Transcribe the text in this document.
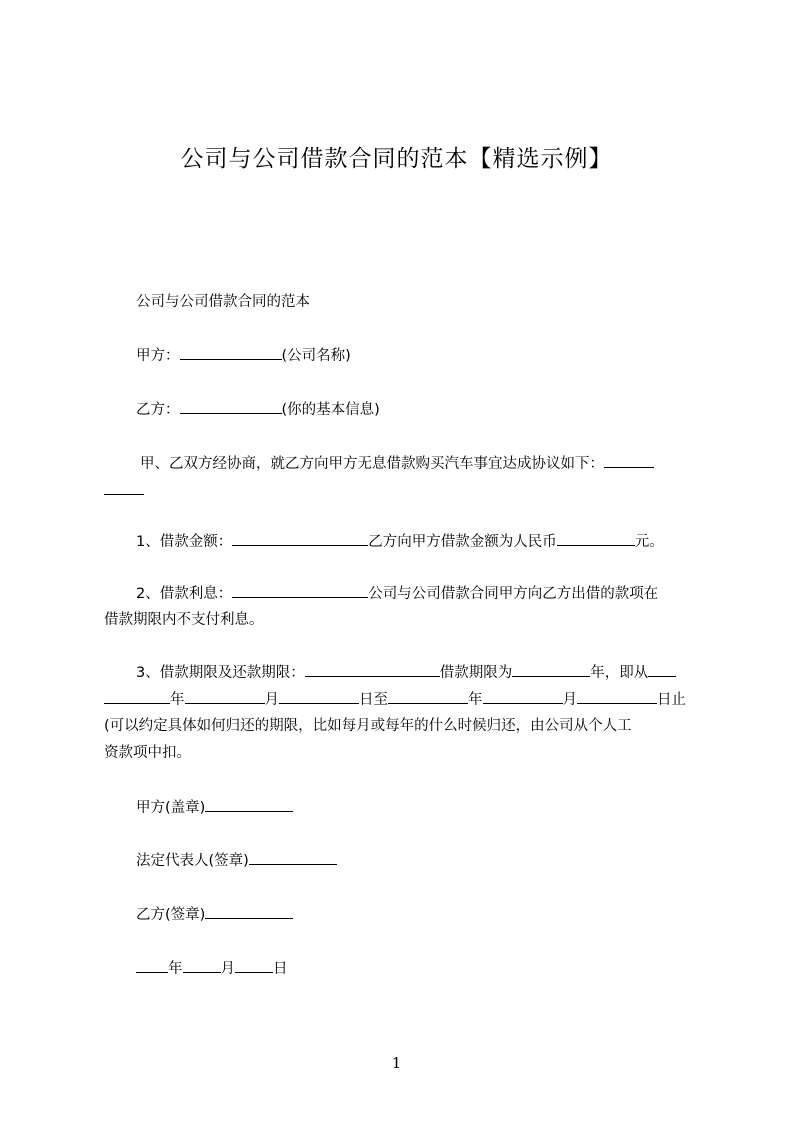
公司与公司借款合同的范本【精选示例】

公司与公司借款合同的范本

甲方：	(公司名称)

乙方：	(你的基本信息)

甲、乙双方经协商，就乙方向甲方无息借款购买汽车事宜达成协议如下：

1、借款金额：	乙方向甲方借款金额为人民币	元。

2、借款利息：	公司与公司借款合同甲方向乙方出借的款项在

借款期限内不支付利息。

3、借款期限及还款期限：	借款期限为	年，即从

年	月	日至	年	月	日止

(可以约定具体如何归还的期限，比如每月或每年的什么时候归还，由公司从个人工

资款项中扣。

甲方(盖章)

法定代表人(签章)

乙方(签章)

年	月	日

1
